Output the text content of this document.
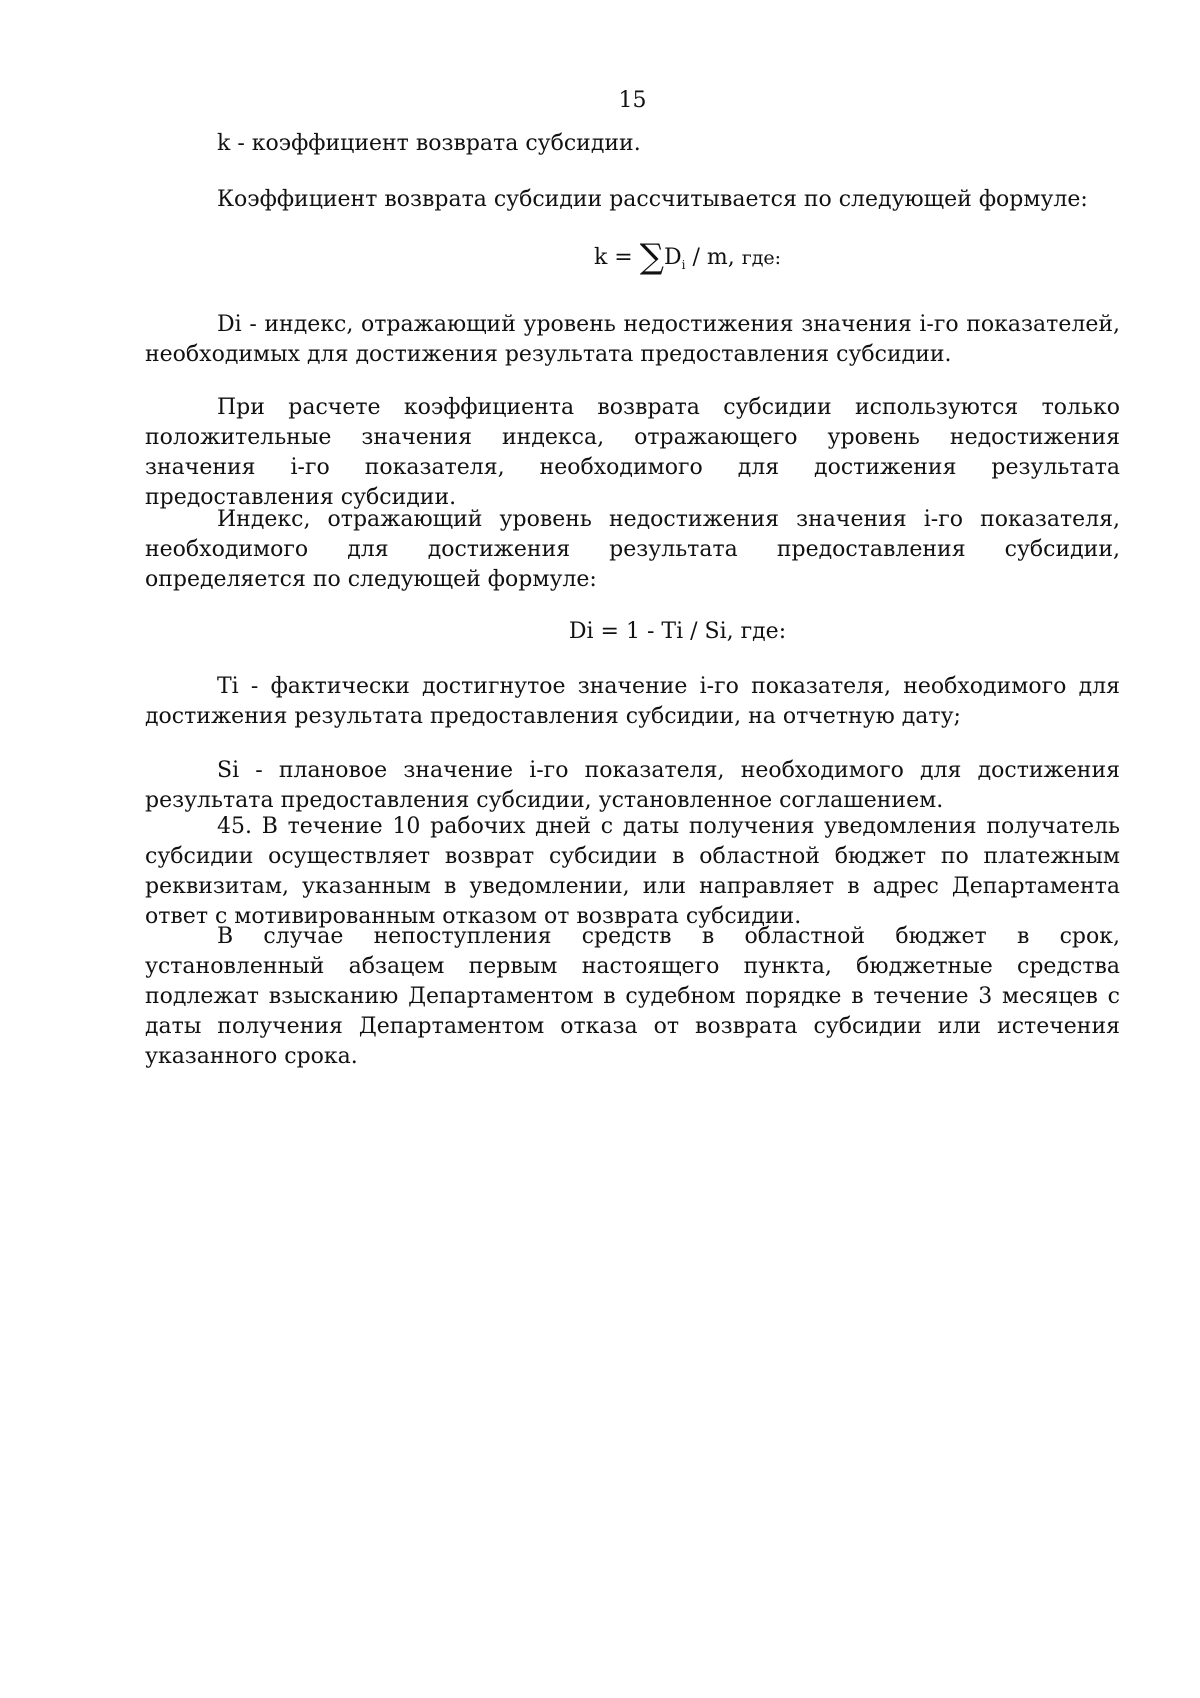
15

k - коэффициент возврата субсидии.

Коэффициент возврата субсидии рассчитывается по следующей формуле:

$k = \sum D_i / m$, где:

Di - индекс, отражающий уровень недостижения значения i-го показателей, необходимых для достижения результата предоставления субсидии.

При расчете коэффициента возврата субсидии используются только положительные значения индекса, отражающего уровень недостижения значения i-го показателя, необходимого для достижения результата предоставления субсидии.

Индекс, отражающий уровень недостижения значения i-го показателя, необходимого для достижения результата предоставления субсидии, определяется по следующей формуле:

Di = 1 - Ti / Si, где:

Ti - фактически достигнутое значение i-го показателя, необходимого для достижения результата предоставления субсидии, на отчетную дату;

Si - плановое значение i-го показателя, необходимого для достижения результата предоставления субсидии, установленное соглашением.

45. В течение 10 рабочих дней с даты получения уведомления получатель субсидии осуществляет возврат субсидии в областной бюджет по платежным реквизитам, указанным в уведомлении, или направляет в адрес Департамента ответ с мотивированным отказом от возврата субсидии.

В случае непоступления средств в областной бюджет в срок, установленный абзацем первым настоящего пункта, бюджетные средства подлежат взысканию Департаментом в судебном порядке в течение 3 месяцев с даты получения Департаментом отказа от возврата субсидии или истечения указанного срока.
